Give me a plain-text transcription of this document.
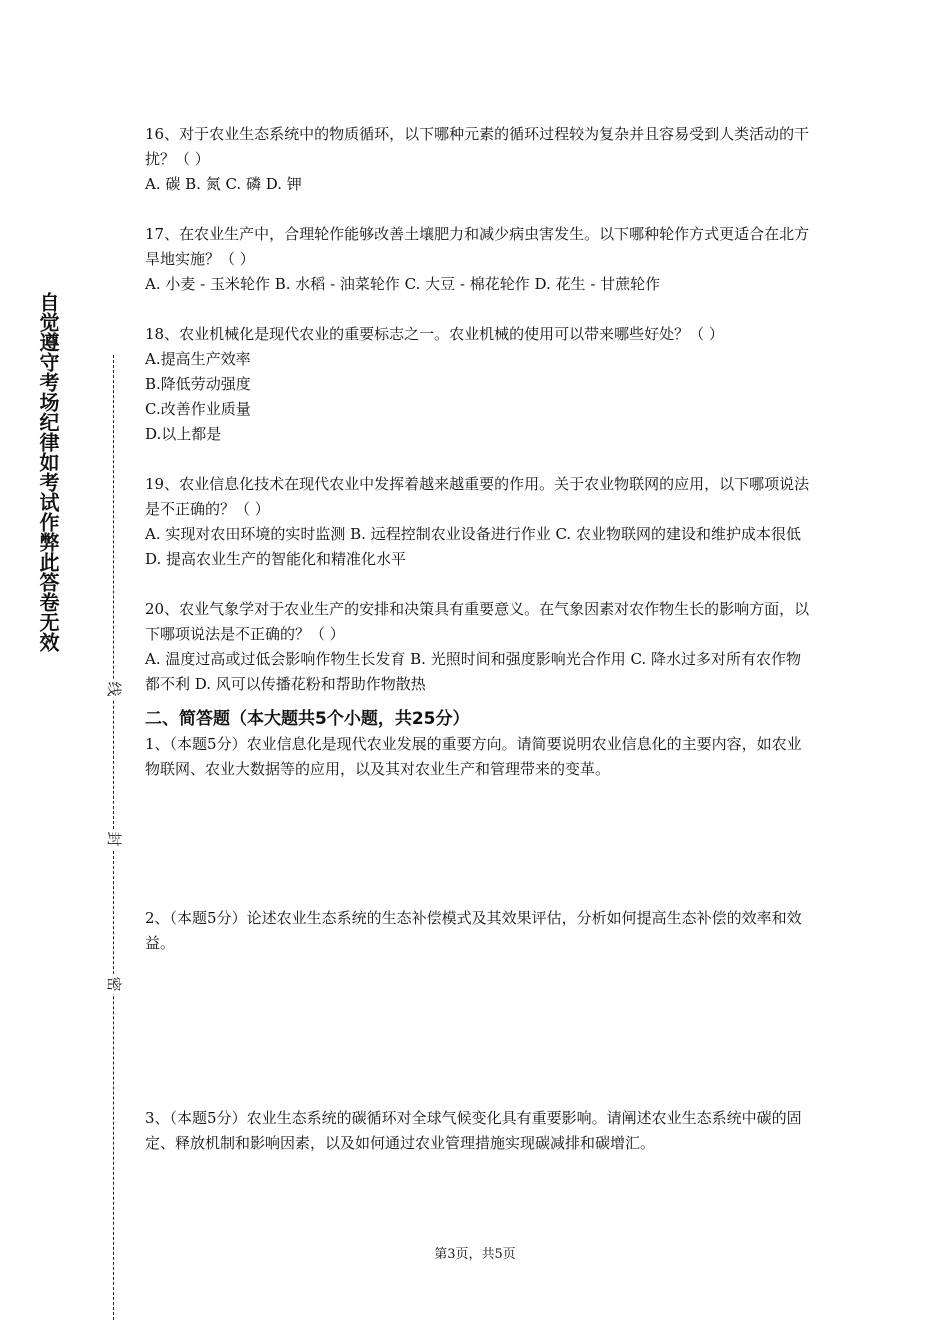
自觉遵守考场纪律如考试作弊此答卷无效
线
封
密

16、对于农业生态系统中的物质循环，以下哪种元素的循环过程较为复杂并且容易受到人类活动的干扰？（ ）

A. 碳 B. 氮 C. 磷 D. 钾

17、在农业生产中，合理轮作能够改善土壤肥力和减少病虫害发生。以下哪种轮作方式更适合在北方旱地实施？（ ）

A. 小麦 - 玉米轮作 B. 水稻 - 油菜轮作 C. 大豆 - 棉花轮作 D. 花生 - 甘蔗轮作

18、农业机械化是现代农业的重要标志之一。农业机械的使用可以带来哪些好处？（ ）

A.提高生产效率

B.降低劳动强度

C.改善作业质量

D.以上都是

19、农业信息化技术在现代农业中发挥着越来越重要的作用。关于农业物联网的应用，以下哪项说法是不正确的？（ ）

A. 实现对农田环境的实时监测 B. 远程控制农业设备进行作业 C. 农业物联网的建设和维护成本很低 D. 提高农业生产的智能化和精准化水平

20、农业气象学对于农业生产的安排和决策具有重要意义。在气象因素对农作物生长的影响方面，以下哪项说法是不正确的？（ ）

A. 温度过高或过低会影响作物生长发育 B. 光照时间和强度影响光合作用 C. 降水过多对所有农作物都不利 D. 风可以传播花粉和帮助作物散热

二、简答题（本大题共5个小题，共25分）

1、（本题5分）农业信息化是现代农业发展的重要方向。请简要说明农业信息化的主要内容，如农业物联网、农业大数据等的应用，以及其对农业生产和管理带来的变革。

2、（本题5分）论述农业生态系统的生态补偿模式及其效果评估，分析如何提高生态补偿的效率和效益。

3、（本题5分）农业生态系统的碳循环对全球气候变化具有重要影响。请阐述农业生态系统中碳的固定、释放机制和影响因素，以及如何通过农业管理措施实现碳减排和碳增汇。

第3页，共5页
